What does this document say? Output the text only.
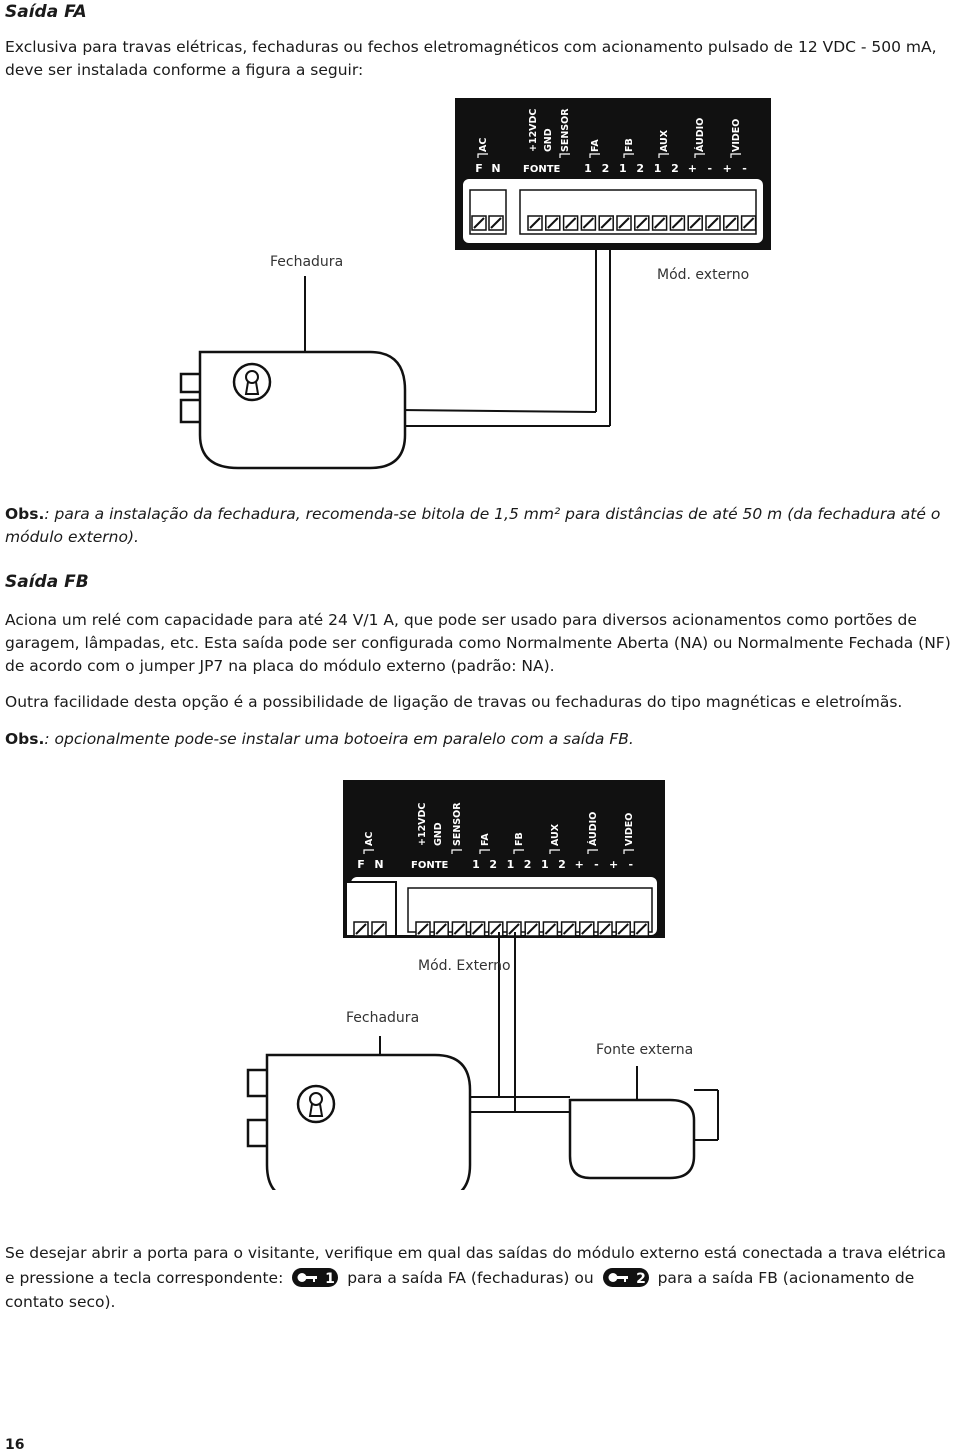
Saída FA

Exclusiva para travas elétricas, fechaduras ou fechos eletromagnéticos com acionamento pulsado de 12 VDC - 500 mA, deve ser instalada conforme a figura a seguir:

F N FONTE 1 2 1 2 1 2 + - + -
AC	+12VDC GND SENSOR FA FB	AUX	ÁUDIO	VIDEO
Fechadura
Mód. externo

Obs.: para a instalação da fechadura, recomenda-se bitola de 1,5 mm² para distâncias de até 50 m (da fechadura até o módulo externo).

Saída FB

Aciona um relé com capacidade para até 24 V/1 A, que pode ser usado para diversos acionamentos como portões de garagem, lâmpadas, etc. Esta saída pode ser configurada como Normalmente Aberta (NA) ou Normalmente Fechada (NF) de acordo com o jumper JP7 na placa do módulo externo (padrão: NA).

Outra facilidade desta opção é a possibilidade de ligação de travas ou fechaduras do tipo magnéticas e eletroímãs.

Obs.: opcionalmente pode-se instalar uma botoeira em paralelo com a saída FB.

F N	FONTE 1 2 1 2 1 2 + - + -
AC	+12VDC GND SENSOR FA FB	AUX	ÁUDIO	VIDEO
Mód. Externo
Fechadura
Fonte externa

Se desejar abrir a porta para o visitante, verifique em qual das saídas do módulo externo está conectada a trava elétrica e pressione a tecla correspondente:	1 para a saída FA (fechaduras) ou	2 para a saída FB (acionamento de contato seco).

16
